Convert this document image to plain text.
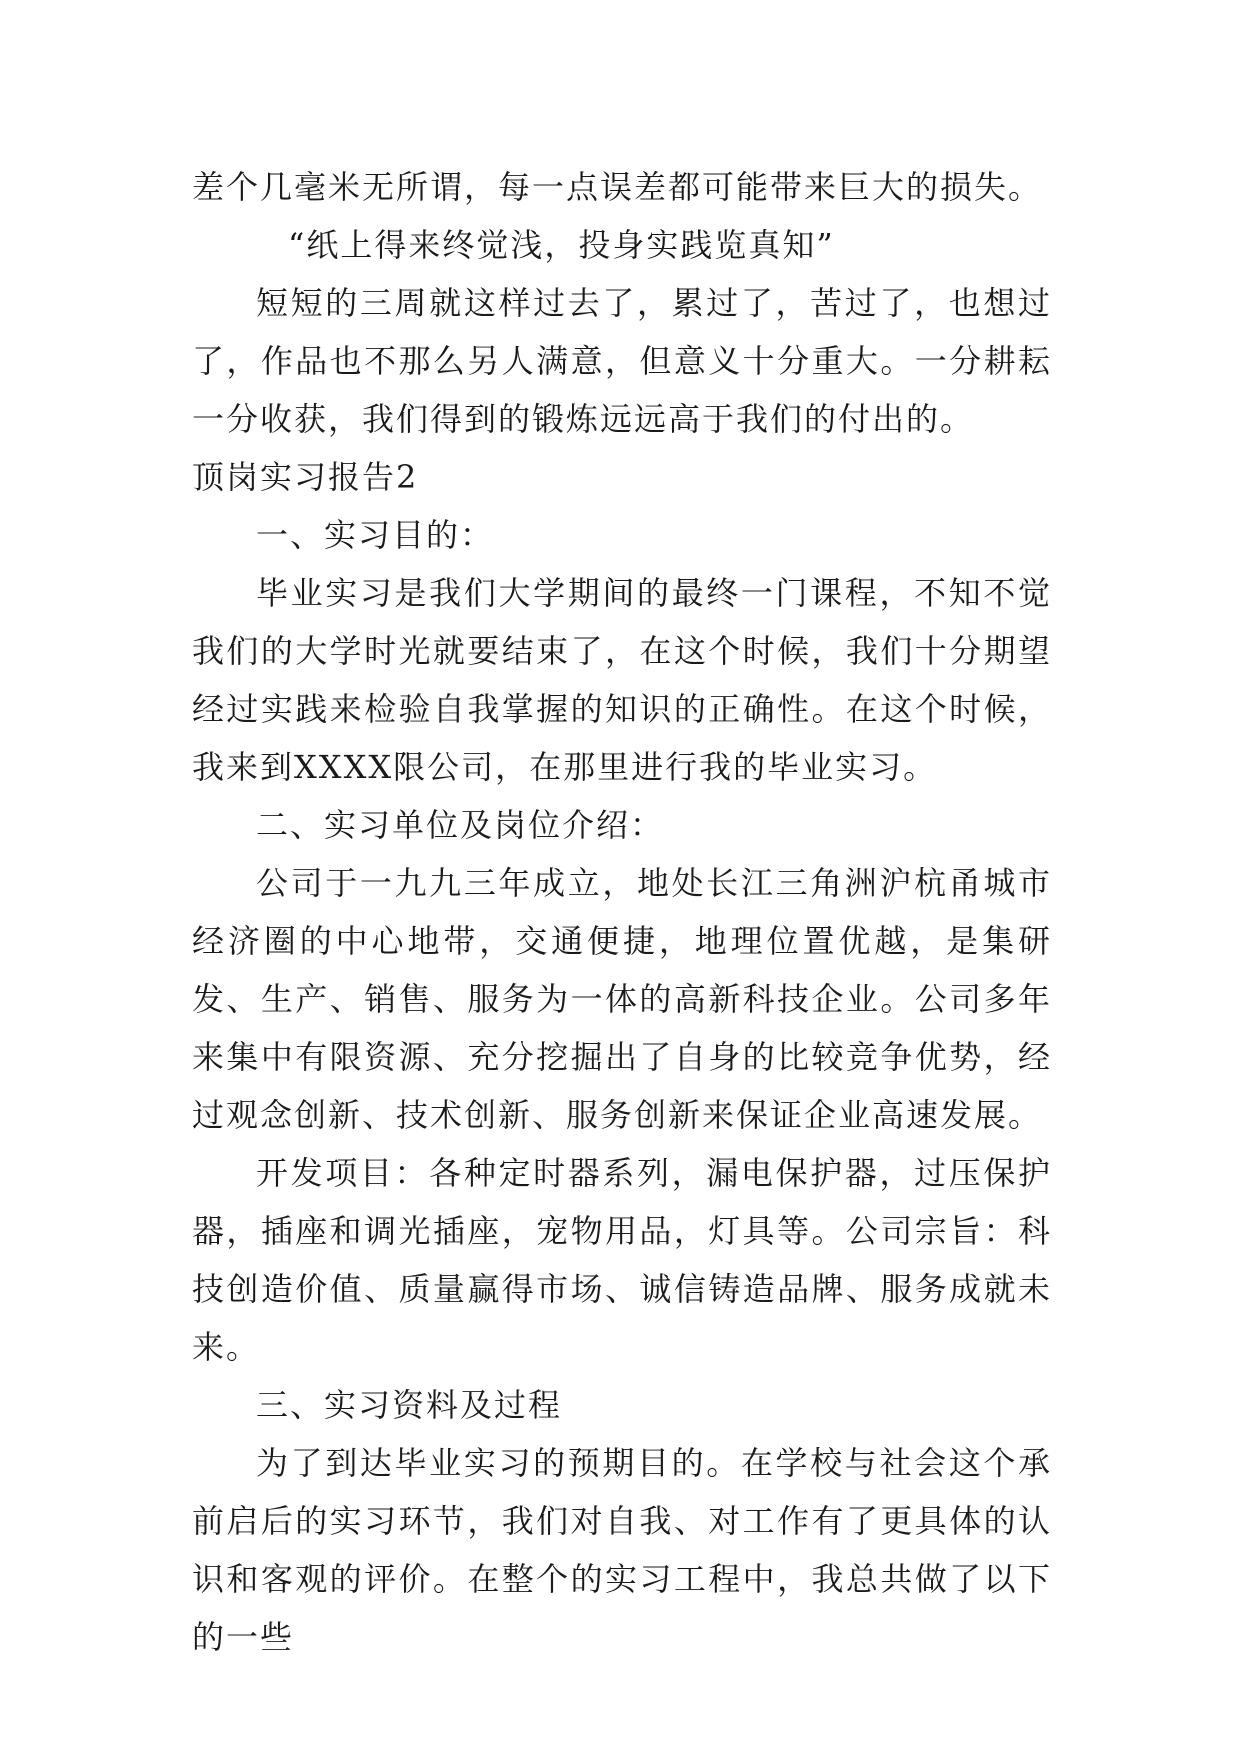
差个几毫米无所谓，每一点误差都可能带来巨大的损失。

“纸上得来终觉浅，投身实践览真知”

短短的三周就这样过去了，累过了，苦过了，也想过了，作品也不那么另人满意，但意义十分重大。一分耕耘一分收获，我们得到的锻炼远远高于我们的付出的。

顶岗实习报告2

一、实习目的：

毕业实习是我们大学期间的最终一门课程，不知不觉我们的大学时光就要结束了，在这个时候，我们十分期望经过实践来检验自我掌握的知识的正确性。在这个时候，我来到XXXX限公司，在那里进行我的毕业实习。

二、实习单位及岗位介绍：

公司于一九九三年成立，地处长江三角洲沪杭甬城市经济圈的中心地带，交通便捷，地理位置优越，是集研发、生产、销售、服务为一体的高新科技企业。公司多年来集中有限资源、充分挖掘出了自身的比较竞争优势，经过观念创新、技术创新、服务创新来保证企业高速发展。

开发项目：各种定时器系列，漏电保护器，过压保护器，插座和调光插座，宠物用品，灯具等。公司宗旨：科技创造价值、质量赢得市场、诚信铸造品牌、服务成就未来。

三、实习资料及过程

为了到达毕业实习的预期目的。在学校与社会这个承前启后的实习环节，我们对自我、对工作有了更具体的认识和客观的评价。在整个的实习工程中，我总共做了以下的一些
